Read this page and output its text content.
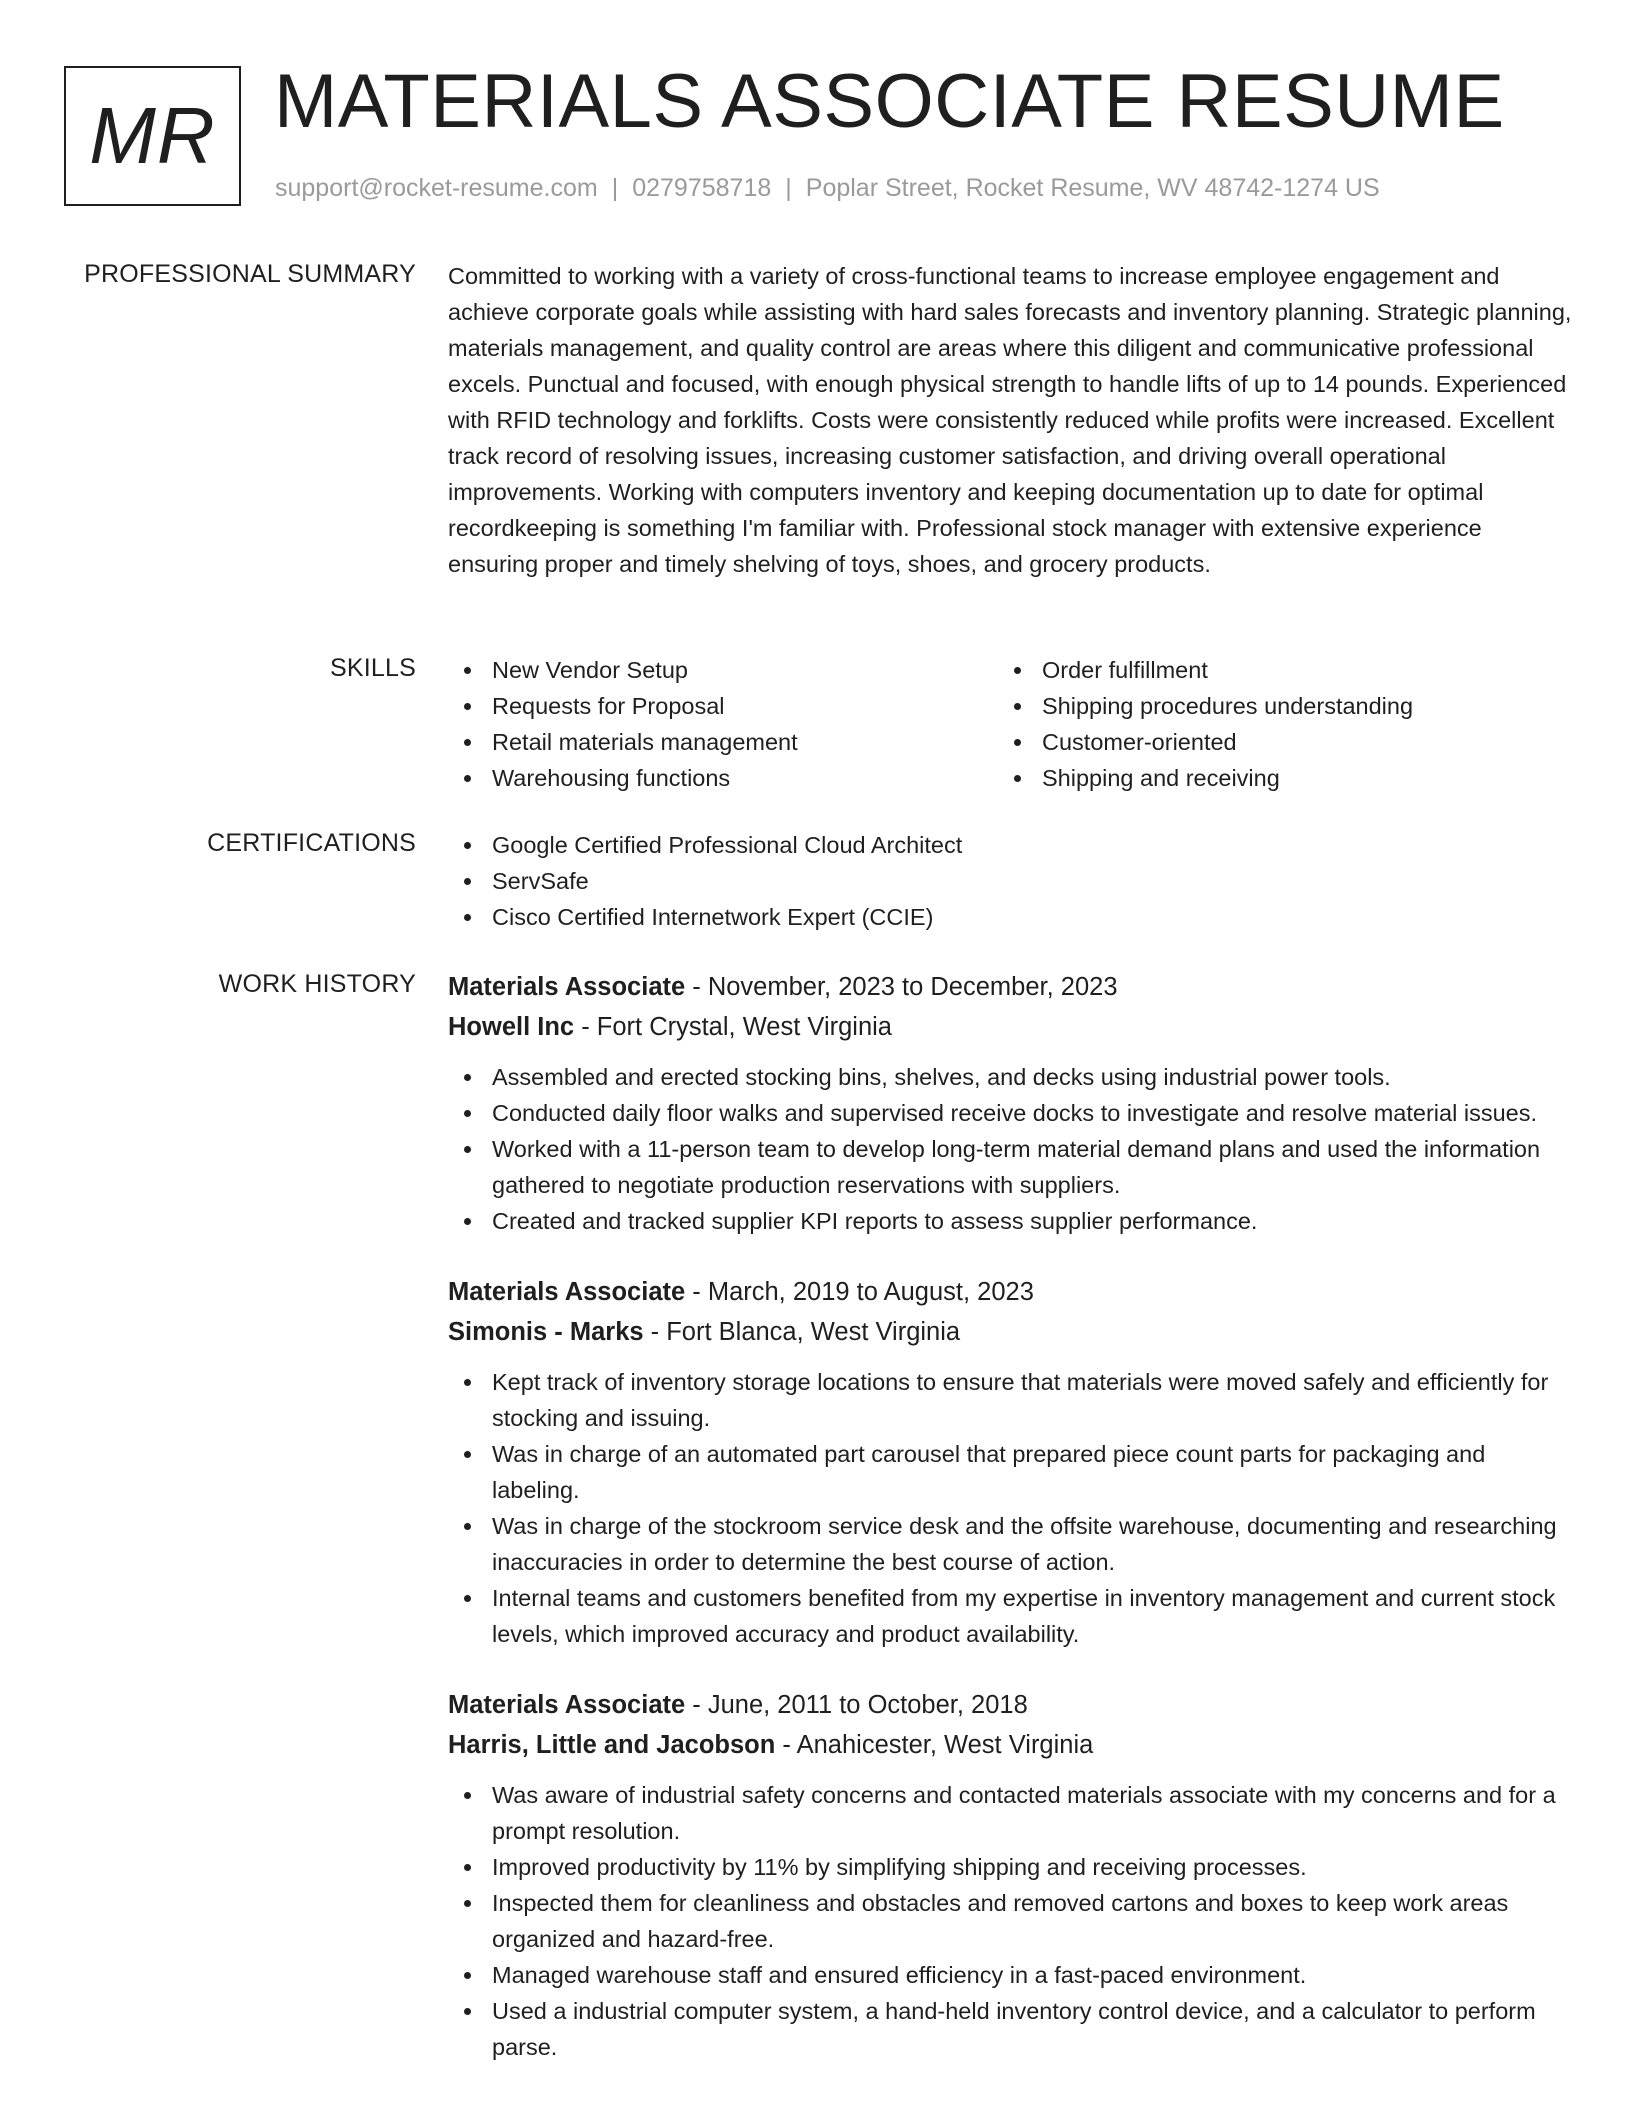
MR MATERIALS ASSOCIATE RESUME
support@rocket-resume.com | 0279758718 | Poplar Street, Rocket Resume, WV 48742-1274 US
PROFESSIONAL SUMMARY Committed to working with a variety of cross-functional teams to increase employee engagement and achieve corporate goals while assisting with hard sales forecasts and inventory planning. Strategic planning, materials management, and quality control are areas where this diligent and communicative professional excels. Punctual and focused, with enough physical strength to handle lifts of up to 14 pounds. Experienced with RFID technology and forklifts. Costs were consistently reduced while profits were increased. Excellent track record of resolving issues, increasing customer satisfaction, and driving overall operational improvements. Working with computers inventory and keeping documentation up to date for optimal recordkeeping is something I'm familiar with. Professional stock manager with extensive experience ensuring proper and timely shelving of toys, shoes, and grocery products.

SKILLS	New Vendor Setup
Requests for Proposal
Retail materials management
Warehousing functions
Order fulfillment
Shipping procedures understanding
Customer-oriented
Shipping and receiving
CERTIFICATIONS	Google Certified Professional Cloud Architect
ServSafe
Cisco Certified Internetwork Expert (CCIE)
WORK HISTORY Materials Associate - November, 2023 to December, 2023
Howell Inc - Fort Crystal, West Virginia
Assembled and erected stocking bins, shelves, and decks using industrial power tools.
Conducted daily floor walks and supervised receive docks to investigate and resolve material issues.
Worked with a 11-person team to develop long-term material demand plans and used the information gathered to negotiate production reservations with suppliers.
Created and tracked supplier KPI reports to assess supplier performance.
Materials Associate - March, 2019 to August, 2023
Simonis - Marks - Fort Blanca, West Virginia
Kept track of inventory storage locations to ensure that materials were moved safely and efficiently for stocking and issuing.
Was in charge of an automated part carousel that prepared piece count parts for packaging and labeling.
Was in charge of the stockroom service desk and the offsite warehouse, documenting and researching inaccuracies in order to determine the best course of action.
Internal teams and customers benefited from my expertise in inventory management and current stock levels, which improved accuracy and product availability.
Materials Associate - June, 2011 to October, 2018
Harris, Little and Jacobson - Anahicester, West Virginia
Was aware of industrial safety concerns and contacted materials associate with my concerns and for a prompt resolution.
Improved productivity by 11% by simplifying shipping and receiving processes.
Inspected them for cleanliness and obstacles and removed cartons and boxes to keep work areas organized and hazard-free.
Managed warehouse staff and ensured efficiency in a fast-paced environment.
Used a industrial computer system, a hand-held inventory control device, and a calculator to perform parse.
